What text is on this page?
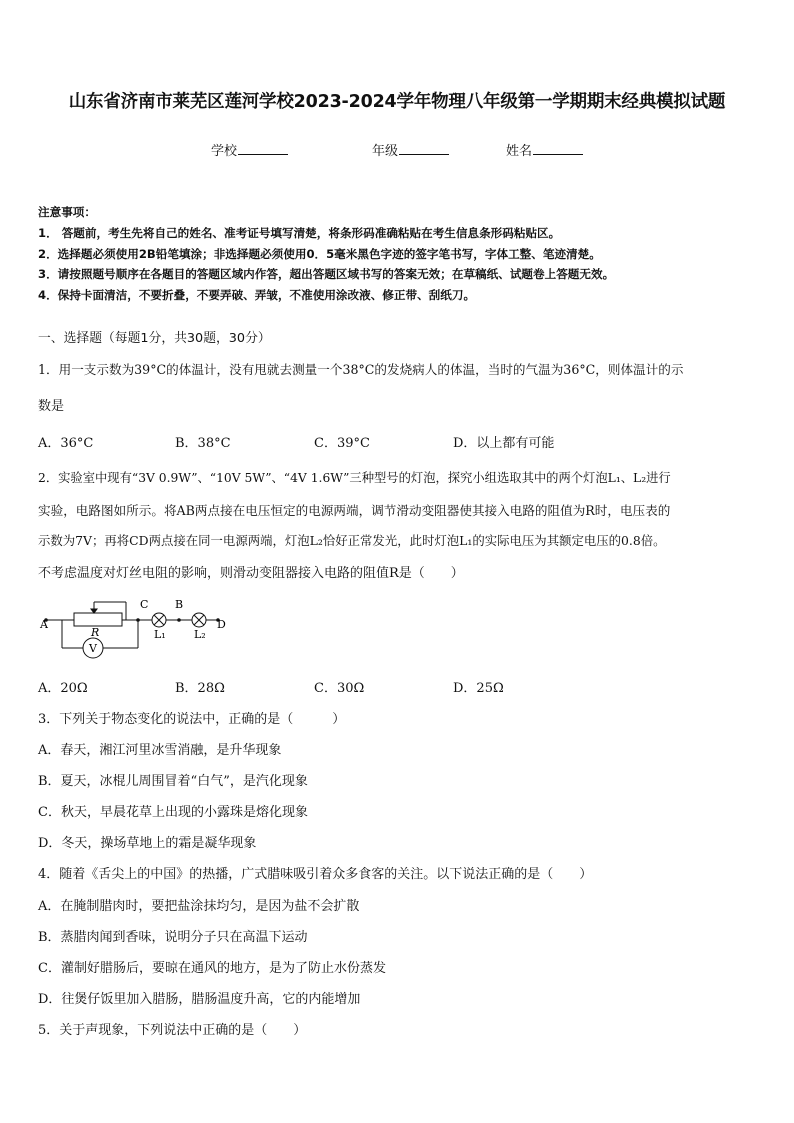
山东省济南市莱芜区莲河学校2023-2024学年物理八年级第一学期期末经典模拟试题
学校	年级	姓名
注意事项：
1． 答题前，考生先将自己的姓名、准考证号填写清楚，将条形码准确粘贴在考生信息条形码粘贴区。
2．选择题必须使用2B铅笔填涂；非选择题必须使用0．5毫米黑色字迹的签字笔书写，字体工整、笔迹清楚。
3．请按照题号顺序在各题目的答题区域内作答，超出答题区域书写的答案无效；在草稿纸、试题卷上答题无效。
4．保持卡面清洁，不要折叠，不要弄破、弄皱，不准使用涂改液、修正带、刮纸刀。
一、选择题（每题1分，共30题，30分）
1．用一支示数为39°C的体温计，没有甩就去测量一个38°C的发烧病人的体温，当时的气温为36°C，则体温计的示
数是
A．36°C	B．38°C	C．39°C	D．以上都有可能
2．实验室中现有“3V 0.9W”、“10V 5W”、“4V 1.6W”三种型号的灯泡，探究小组选取其中的两个灯泡L₁、L₂进行
实验，电路图如所示。将AB两点接在电压恒定的电源两端，调节滑动变阻器使其接入电路的阻值为R时，电压表的
示数为7V；再将CD两点接在同一电源两端，灯泡L₂恰好正常发光，此时灯泡L₁的实际电压为其额定电压的0.8倍。
不考虑温度对灯丝电阻的影响，则滑动变阻器接入电路的阻值R是（　　）
A
C B
D
R
V
L₁	L₂
A．20Ω	B．28Ω	C．30Ω	D．25Ω
3．下列关于物态变化的说法中，正确的是（　　　）
A．春天，湘江河里冰雪消融，是升华现象
B．夏天，冰棍儿周围冒着“白气”，是汽化现象
C．秋天，早晨花草上出现的小露珠是熔化现象
D．冬天，操场草地上的霜是凝华现象
4．随着《舌尖上的中国》的热播，广式腊味吸引着众多食客的关注。以下说法正确的是（　　）
A．在腌制腊肉时，要把盐涂抹均匀，是因为盐不会扩散
B．蒸腊肉闻到香味，说明分子只在高温下运动
C．灌制好腊肠后，要晾在通风的地方，是为了防止水份蒸发
D．往煲仔饭里加入腊肠，腊肠温度升高，它的内能增加
5．关于声现象，下列说法中正确的是（　　）
